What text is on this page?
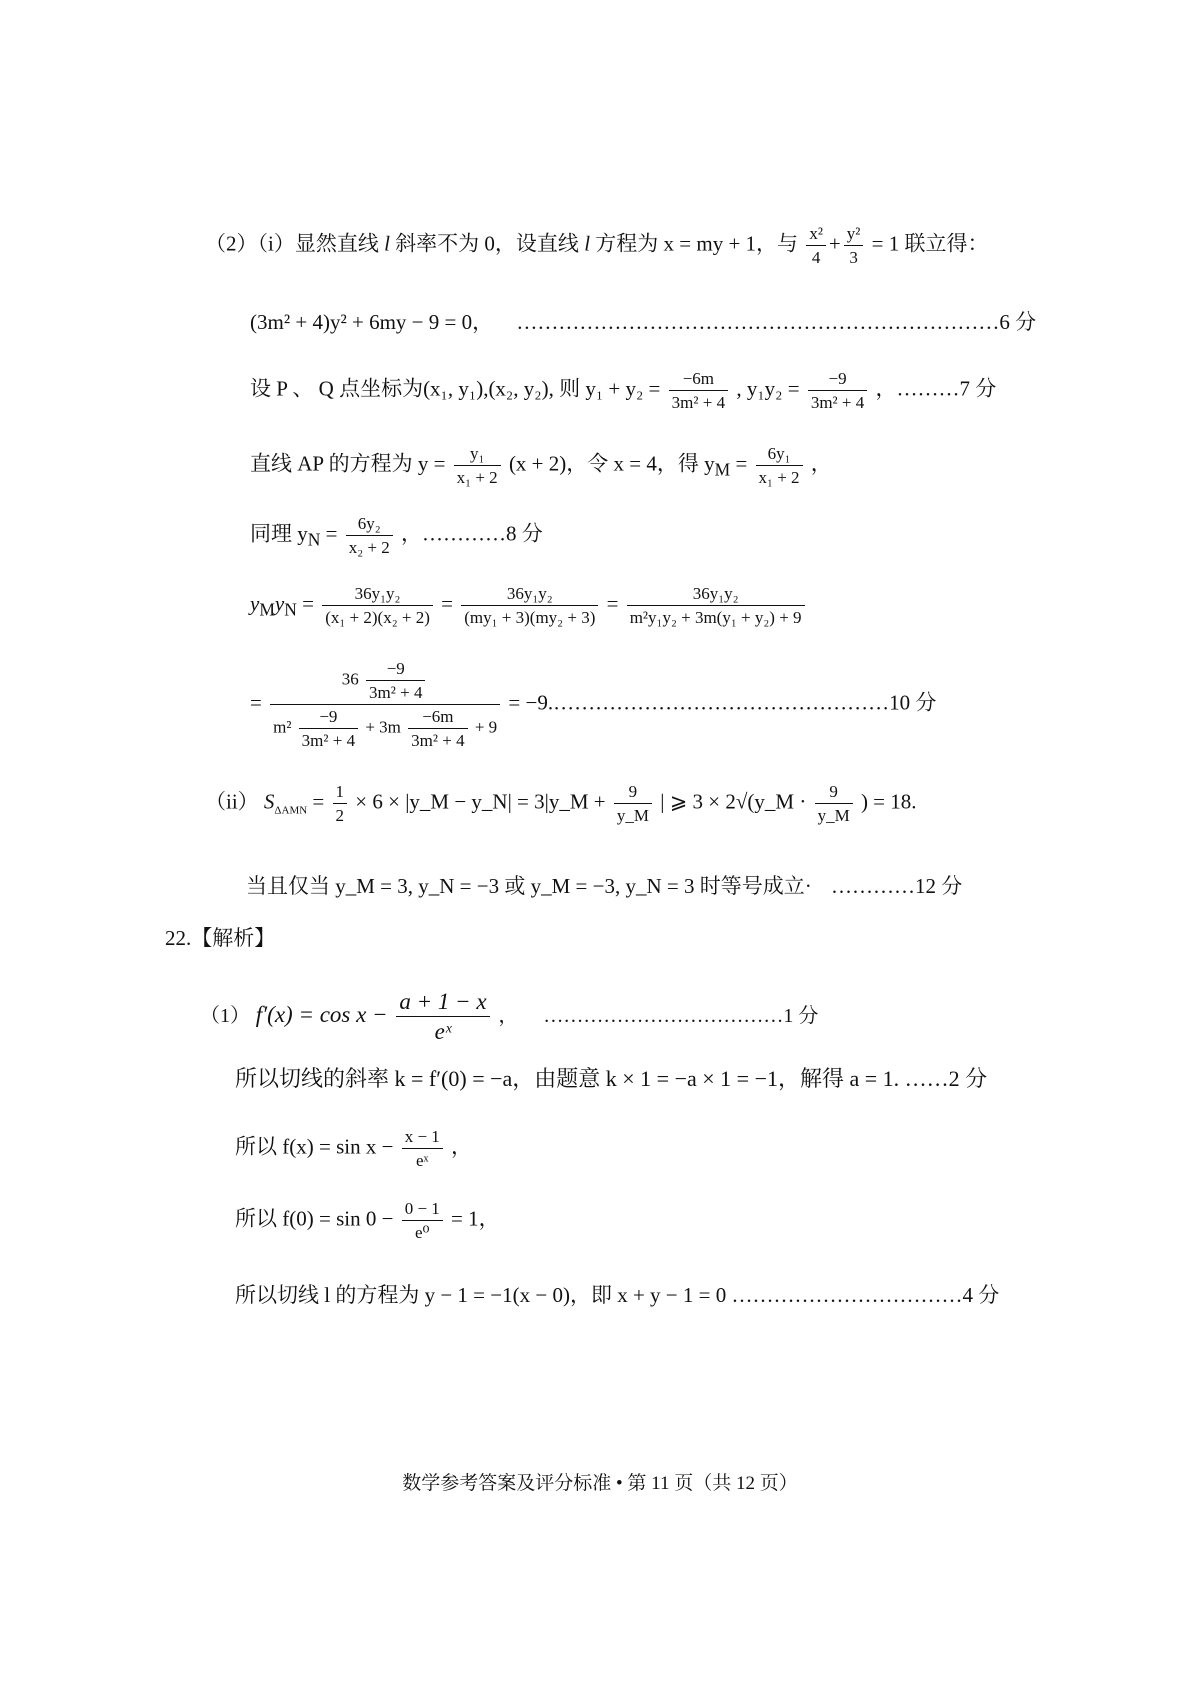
（2）（i）显然直线 l 斜率不为 0，设直线 l 方程为 x = my + 1，与 $\frac{\text{x²}}{4} + \frac{\text{y²}}{3} = 1$ 联立得：
(3m² + 4)y² + 6my − 9 = 0， ……………………………………………………………6 分
设 P 、 Q 点坐标为(x₁, y₁),(x₂, y₂), 则 $y_1 + y_2 = \frac{-6m}{\text{3m² + 4}}$ , $y_1y_2 = \frac{-9}{\text{3m² + 4}}$ ，………7 分
直线 AP 的方程为 $y = \frac{\text{y₁}}{\text{x₁ + 2}} (x + 2)$，令 x = 4，得 $y_M = \frac{\text{6y₁}}{\text{x₁ + 2}}$ ，
同理 $y_N = \frac{\text{6y₂}}{\text{x₂ + 2}}$ ，…………8 分
$y_My_N = \frac{\text{36y₁y₂}}{\text{(x₁ + 2)(x₂ + 2)}} = \frac{\text{36y₁y₂}}{\text{(my₁ + 3)(my₂ + 3)}} = \frac{\text{36y₁y₂}}{\text{m²y₁y₂ + 3m(y₁ + y₂) + 9}}$
= $\frac{36 \frac{-9}{\text{3m² + 4}}}{m^2 \frac{-9}{\text{3m² + 4}} + 3m \frac{-6m}{\text{3m² + 4}} + 9}$ = −9.…………………………………………10 分
（ii） $S_{\Delta AMN} = \frac{1}{2} \times 6$ × |y_M − y_N| = 3|y_M + $\frac{9}{y\_M}$ | ⩾ 3 × 2√(y_M · $\frac{9}{y\_M}$ ) = 18.
当且仅当 y_M = 3, y_N = −3 或 y_M = −3, y_N = 3 时等号成立· …………12 分
22.【解析】
（1） $f'(x) = \cos x - \frac{a + 1 - x}{\text{eˣ}}$ ，     ………………………………1 分
所以切线的斜率 k = f′(0) = −a，由题意 k × 1 = −a × 1 = −1，解得 a = 1. ……2 分
所以 $f(x) = \sin x - \frac{x - 1}{\text{eˣ}}$ ，
所以 $f(0) = \sin 0 - \frac{0 - 1}{\text{e⁰}} = 1$，
所以切线 l 的方程为 y − 1 = −1(x − 0)，即 x + y − 1 = 0 ……………………………4 分
数学参考答案及评分标准 • 第 11 页（共 12 页）
